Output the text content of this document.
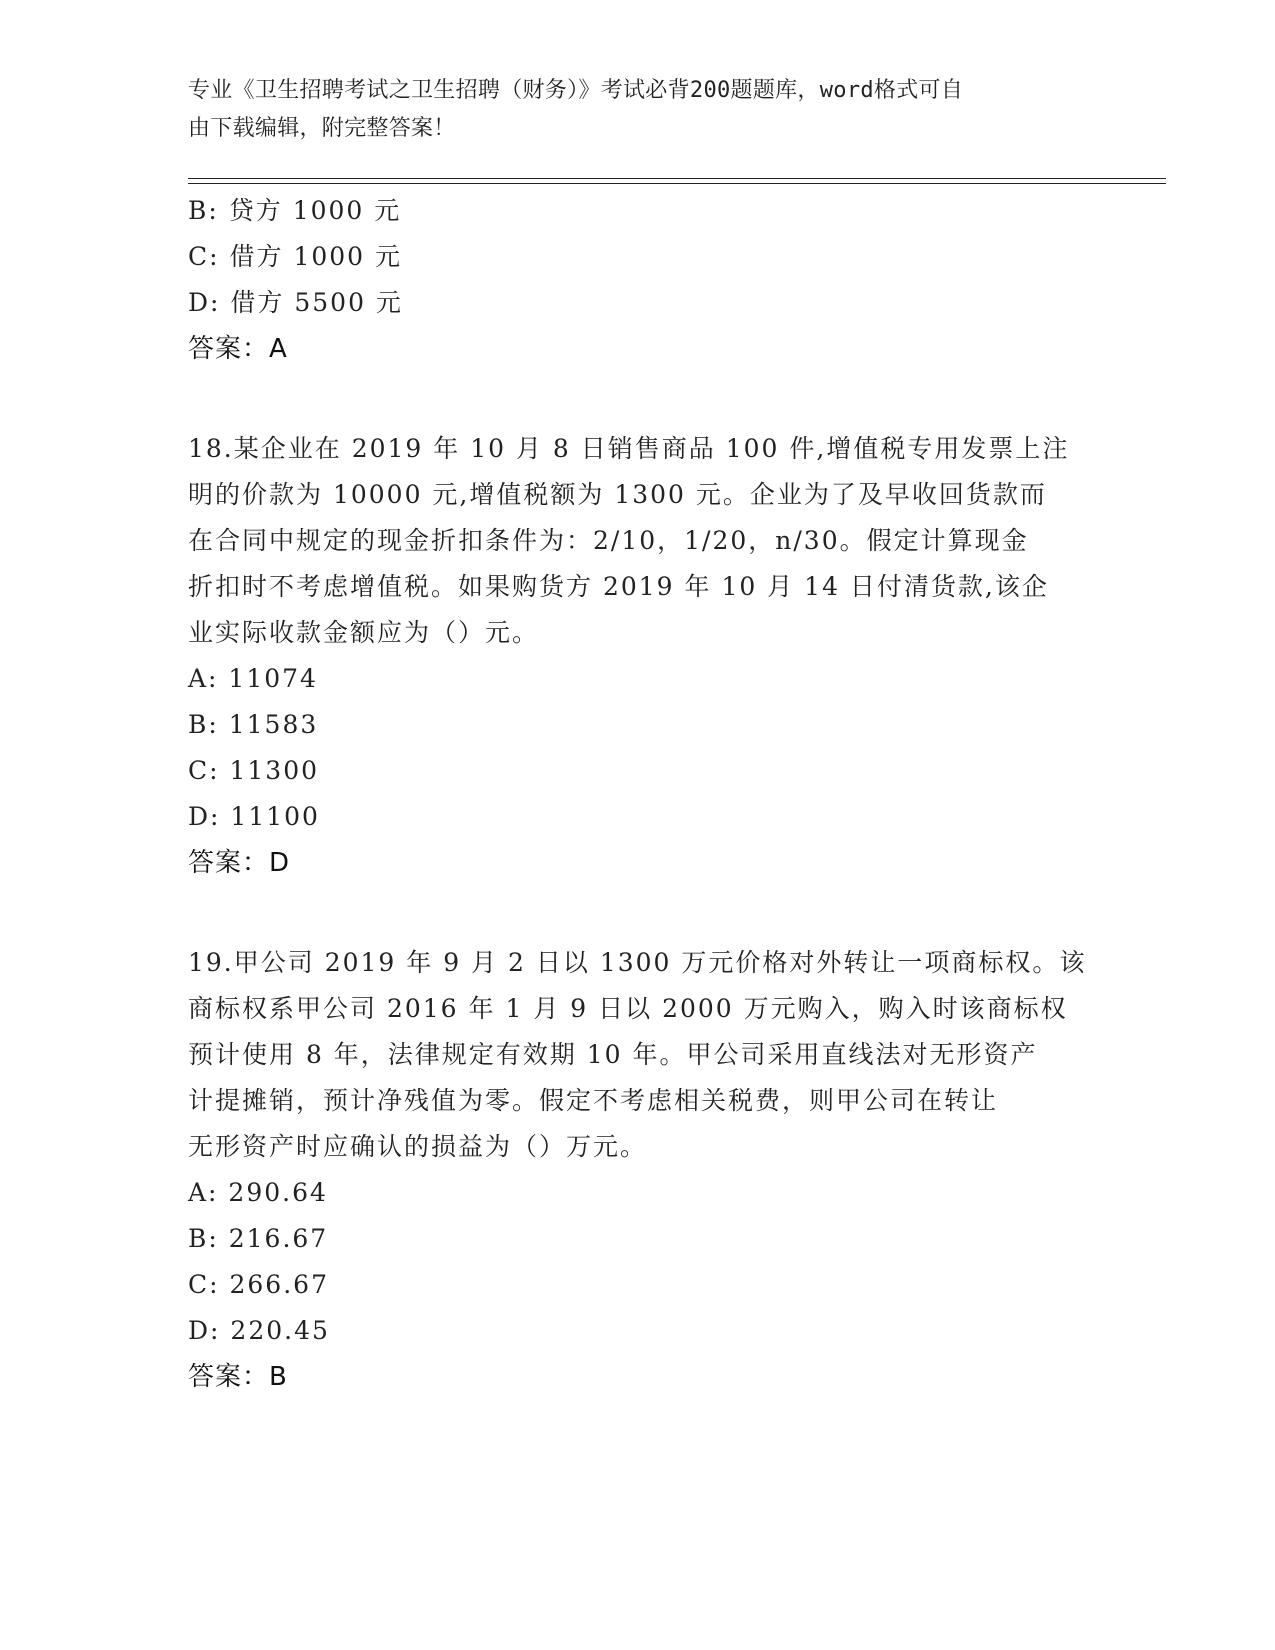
专业《卫生招聘考试之卫生招聘（财务）》考试必背200题题库，word格式可自
由下载编辑，附完整答案！
B: 贷方 1000 元
C: 借方 1000 元
D: 借方 5500 元
答案：A
18.某企业在 2019 年 10 月 8 日销售商品 100 件,增值税专用发票上注
明的价款为 10000 元,增值税额为 1300 元。企业为了及早收回货款而
在合同中规定的现金折扣条件为：2/10，1/20，n/30。假定计算现金
折扣时不考虑增值税。如果购货方 2019 年 10 月 14 日付清货款,该企
业实际收款金额应为（）元。
A: 11074
B: 11583
C: 11300
D: 11100
答案：D
19.甲公司 2019 年 9 月 2 日以 1300 万元价格对外转让一项商标权。该
商标权系甲公司 2016 年 1 月 9 日以 2000 万元购入，购入时该商标权
预计使用 8 年，法律规定有效期 10 年。甲公司采用直线法对无形资产
计提摊销，预计净残值为零。假定不考虑相关税费，则甲公司在转让
无形资产时应确认的损益为（）万元。
A: 290.64
B: 216.67
C: 266.67
D: 220.45
答案：B
